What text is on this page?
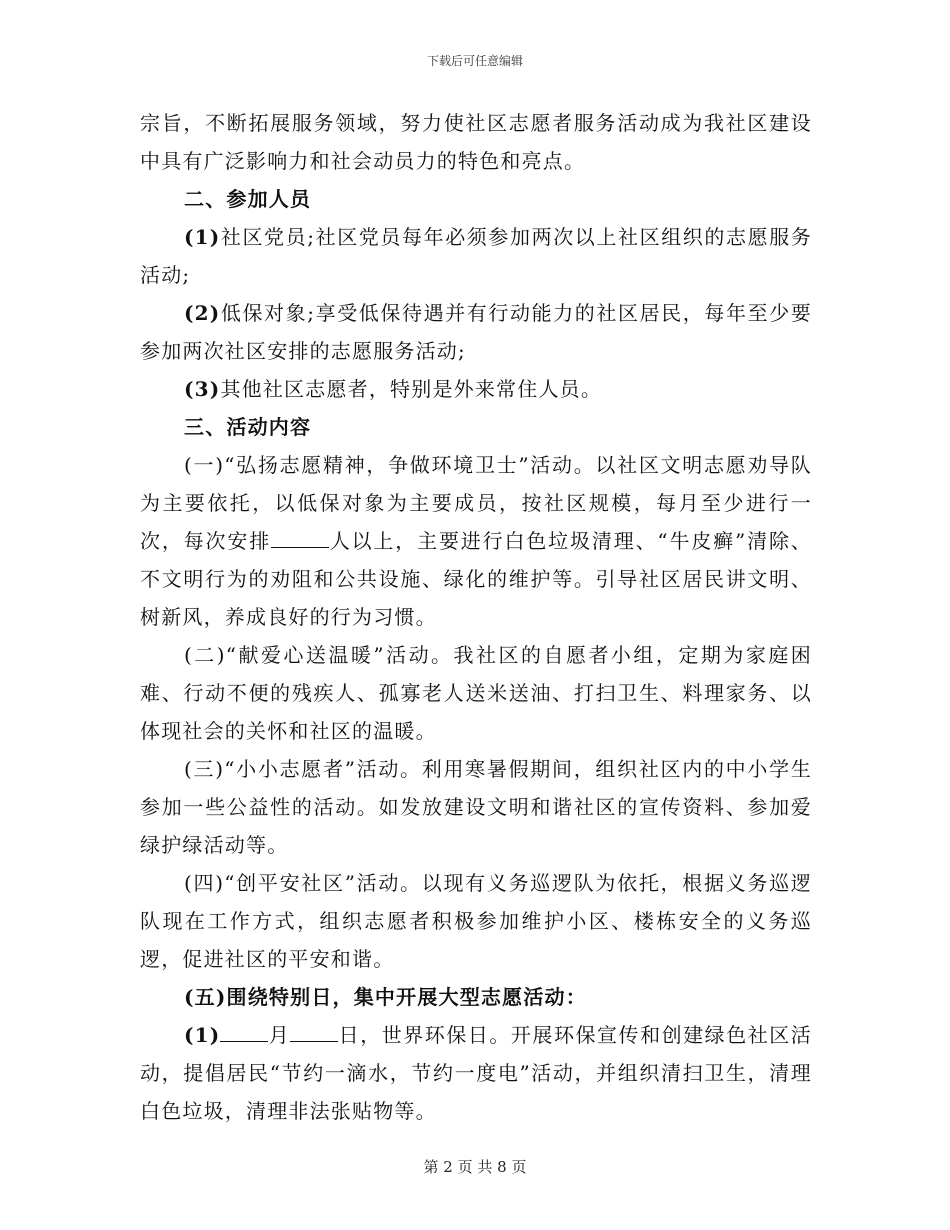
下载后可任意编辑

宗旨，不断拓展服务领域，努力使社区志愿者服务活动成为我社区建设中具有广泛影响力和社会动员力的特色和亮点。

二、参加人员

(1)社区党员;社区党员每年必须参加两次以上社区组织的志愿服务活动;

(2)低保对象;享受低保待遇并有行动能力的社区居民，每年至少要参加两次社区安排的志愿服务活动;

(3)其他社区志愿者，特别是外来常住人员。

三、活动内容

(一)“弘扬志愿精神，争做环境卫士”活动。以社区文明志愿劝导队为主要依托，以低保对象为主要成员，按社区规模，每月至少进行一次，每次安排	人以上，主要进行白色垃圾清理、“牛皮癣”清除、不文明行为的劝阻和公共设施、绿化的维护等。引导社区居民讲文明、树新风，养成良好的行为习惯。

(二)“献爱心送温暖”活动。我社区的自愿者小组，定期为家庭困难、行动不便的残疾人、孤寡老人送米送油、打扫卫生、料理家务、以体现社会的关怀和社区的温暖。

(三)“小小志愿者”活动。利用寒暑假期间，组织社区内的中小学生参加一些公益性的活动。如发放建设文明和谐社区的宣传资料、参加爱绿护绿活动等。

(四)“创平安社区”活动。以现有义务巡逻队为依托，根据义务巡逻队现在工作方式，组织志愿者积极参加维护小区、楼栋安全的义务巡逻，促进社区的平安和谐。

(五)围绕特别日，集中开展大型志愿活动：

(1) 月 日，世界环保日。开展环保宣传和创建绿色社区活动，提倡居民“节约一滴水，节约一度电”活动，并组织清扫卫生，清理白色垃圾，清理非法张贴物等。

第 2 页 共 8 页
